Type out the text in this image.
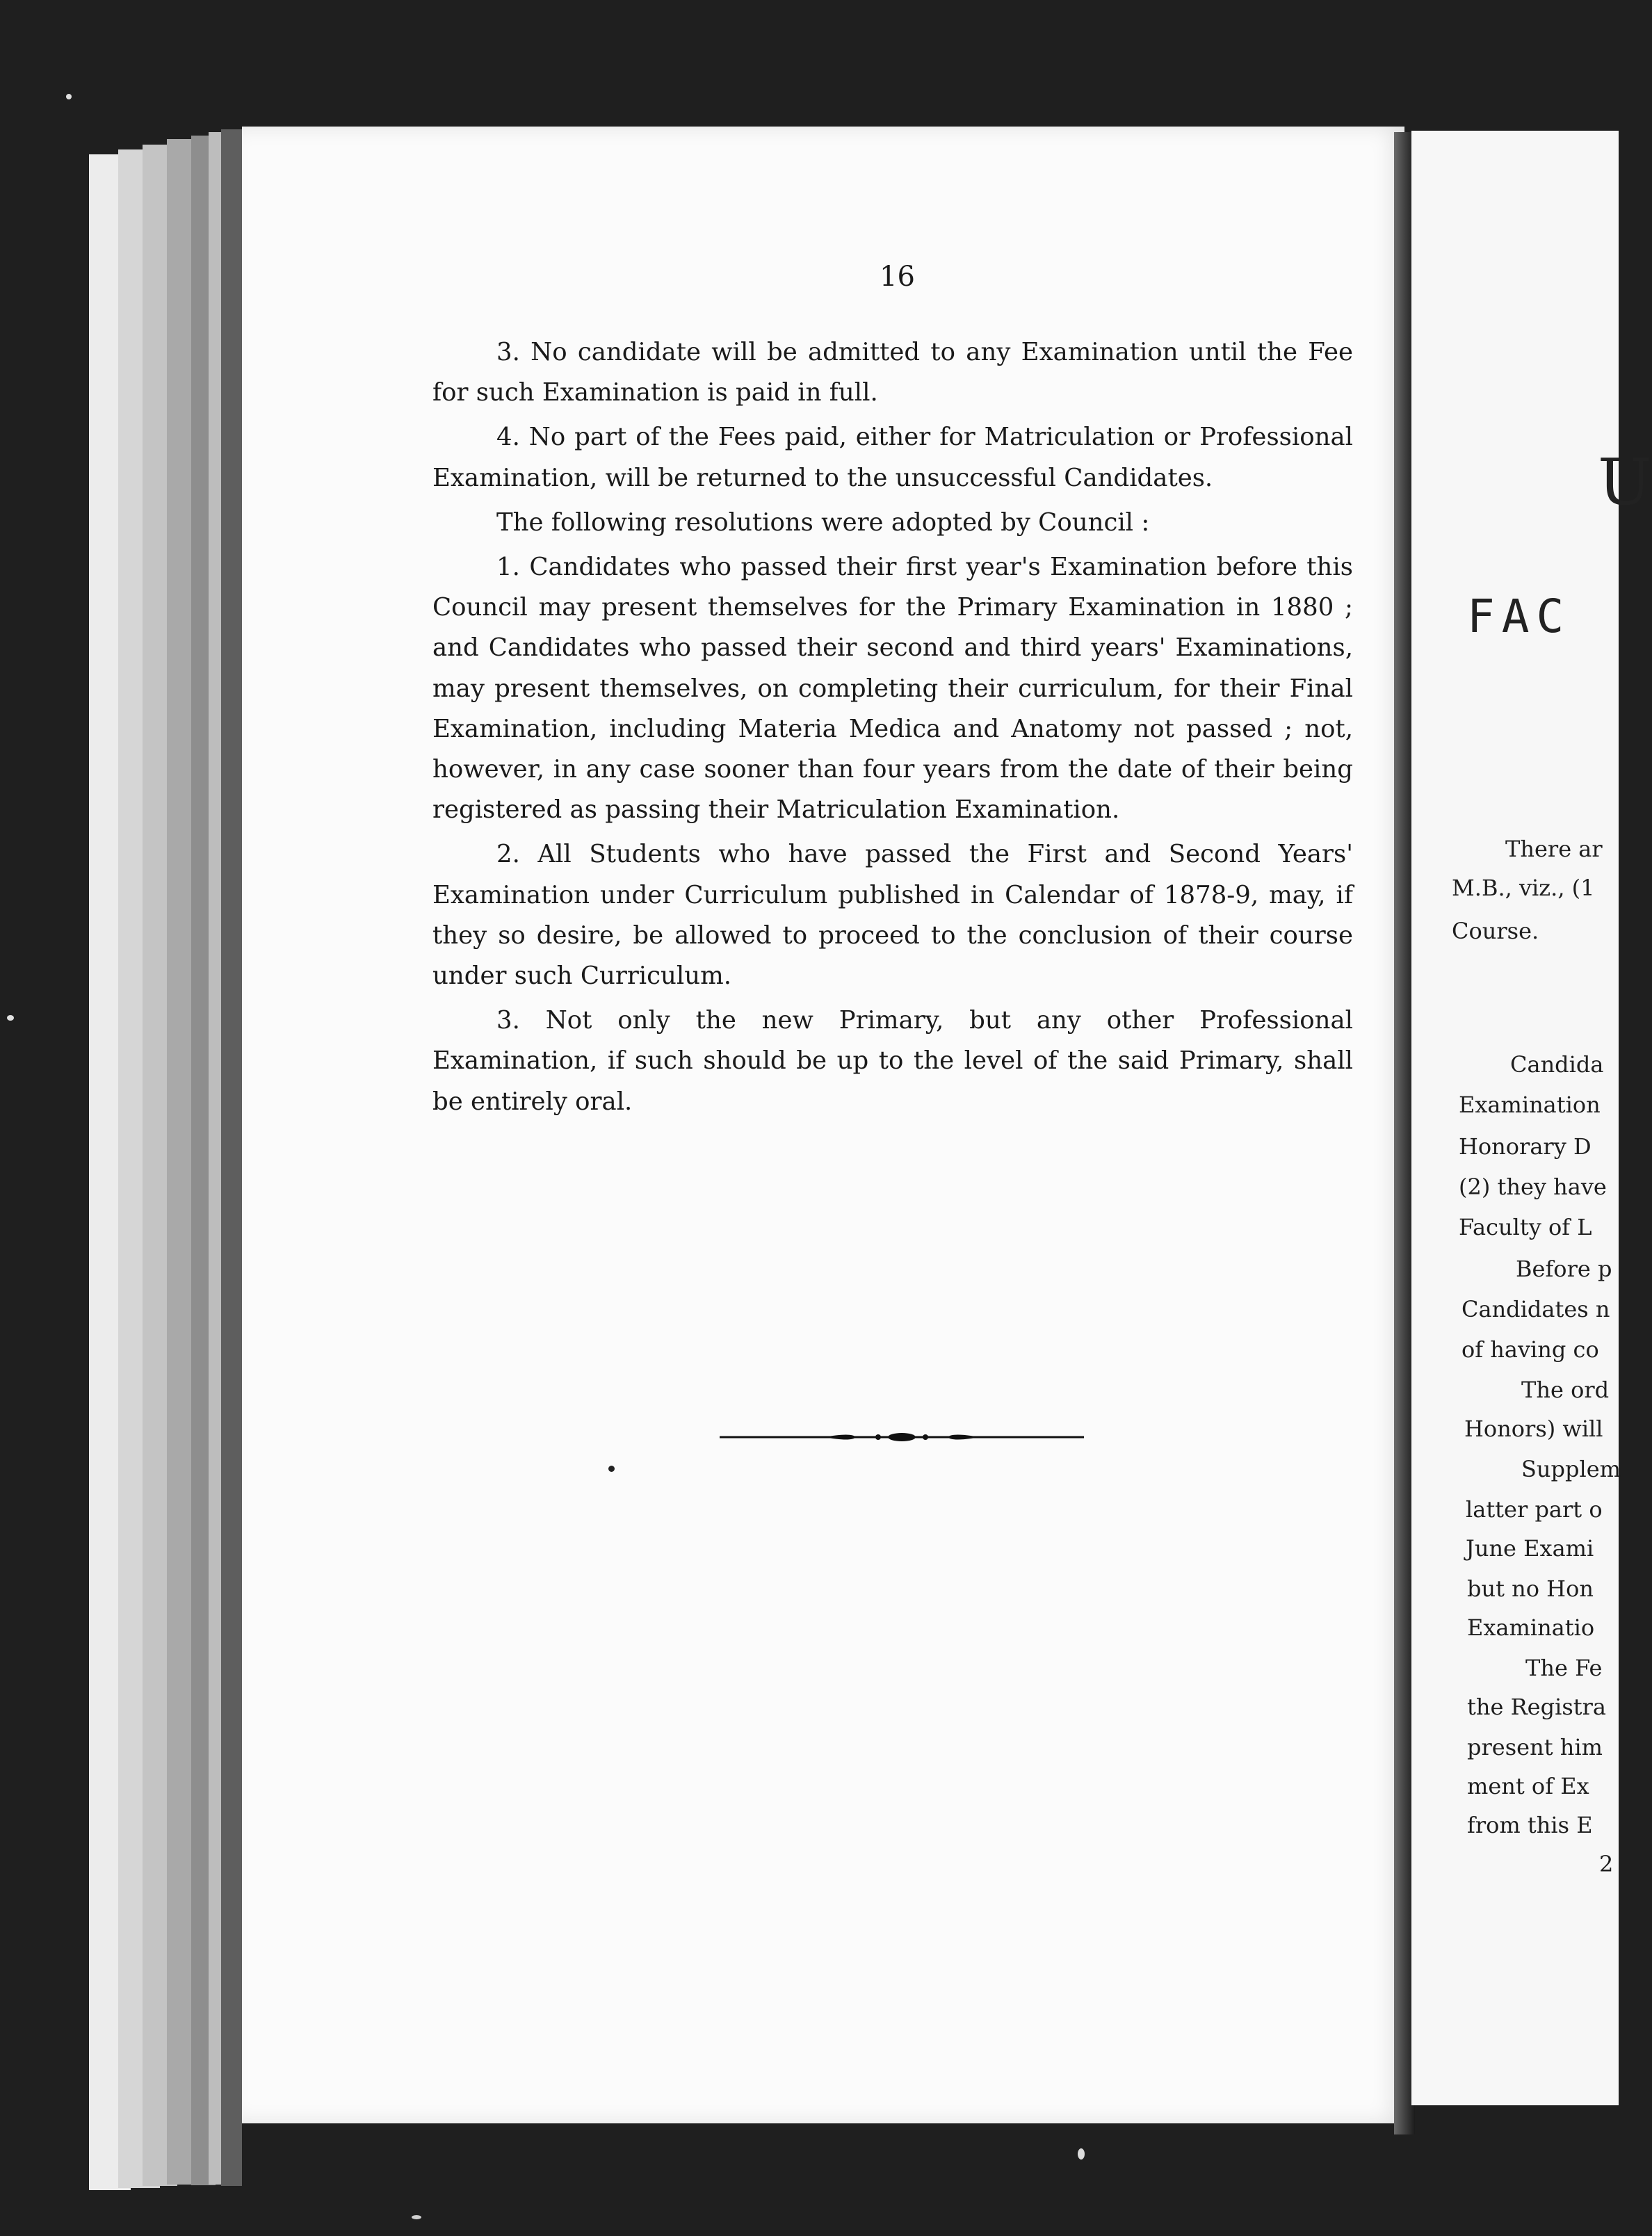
16

3. No candidate will be admitted to any Examination until the Fee for such Examination is paid in full.

4. No part of the Fees paid, either for Matriculation or Professional Examination, will be returned to the unsuccessful Candidates.

The following resolutions were adopted by Council :

1. Candidates who passed their first year's Examination before this Council may present themselves for the Primary Examination in 1880 ; and Candidates who passed their second and third years' Examinations, may present themselves, on completing their curriculum, for their Final Examination, including Materia Medica and Anatomy not passed ; not, however, in any case sooner than four years from the date of their being registered as passing their Matriculation Examination.

2. All Students who have passed the First and Second Years' Examination under Curriculum published in Calendar of 1878-9, may, if they so desire, be allowed to proceed to the conclusion of their course under such Curriculum.

3. Not only the new Primary, but any other Professional Examination, if such should be up to the level of the said Primary, shall be entirely oral.

U
FAC
There ar
M.B., viz., (1
Course.
Candida
Examination
Honorary D
(2) they have
Faculty of L
Before p
Candidates n
of having co
The ord
Honors) will
Supplem
latter part o
June Exami
but no Hon
Examinatio
The Fe
the Registra
present him
ment of Ex
from this E
2
